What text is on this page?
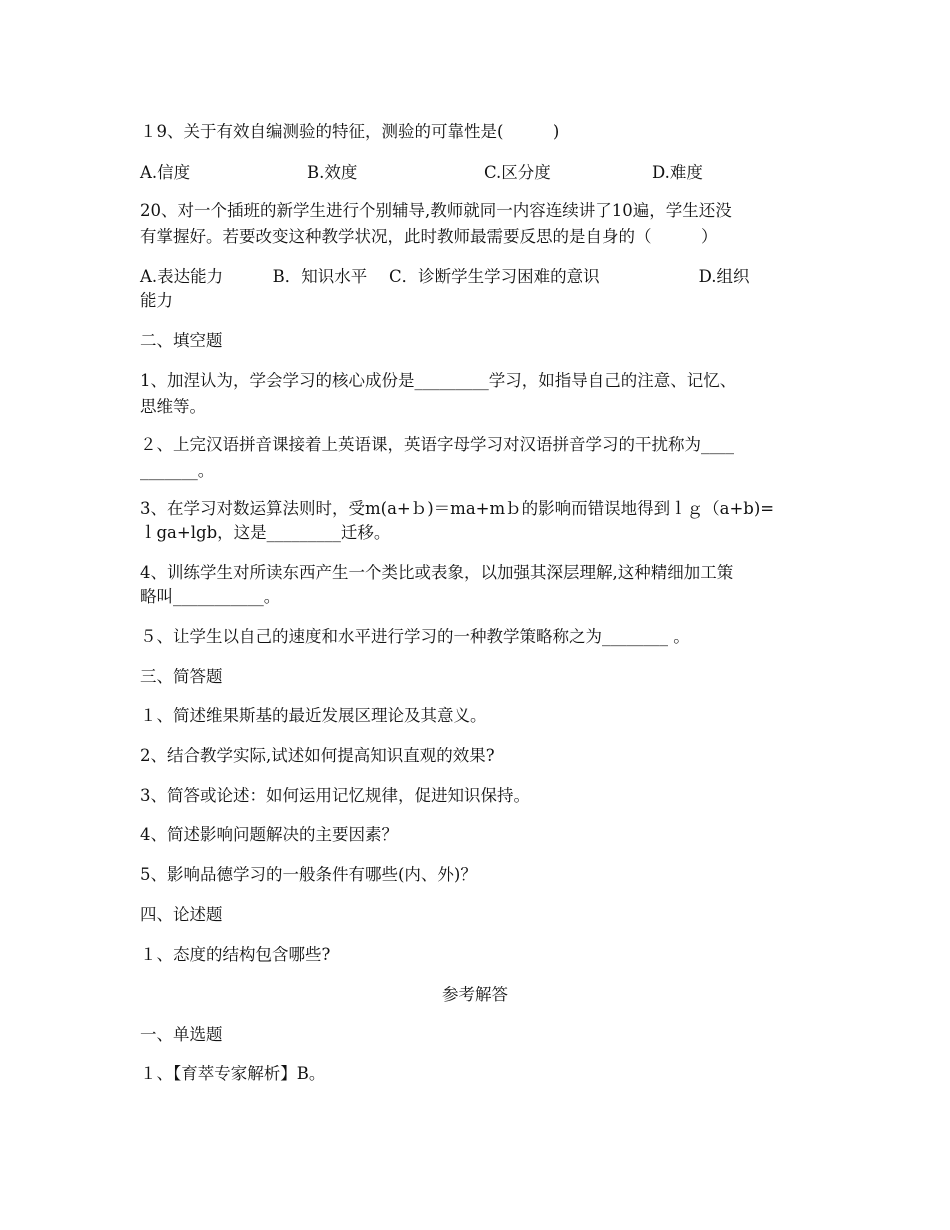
１9、关于有效自编测验的特征，测验的可靠性是(　　　)
A.信度	B.效度	C.区分度	D.难度
20、对一个插班的新学生进行个别辅导,教师就同一内容连续讲了10遍，学生还没
有掌握好。若要改变这种教学状况，此时教师最需要反思的是自身的（　　　）
A.表达能力　　　B．知识水平　 C．诊断学生学习困难的意识　　　　　　D.组织
能力
二、填空题
1、加涅认为，学会学习的核心成份是_________学习，如指导自己的注意、记忆、
思维等。
２、上完汉语拼音课接着上英语课，英语字母学习对汉语拼音学习的干扰称为____
_______。
3、在学习对数运算法则时，受m(a+ｂ)＝ma+mｂ的影响而错误地得到ｌｇ（a+b)=
ｌga+lgb，这是_________迁移。
4、训练学生对所读东西产生一个类比或表象，以加强其深层理解,这种精细加工策
略叫___________。
５、让学生以自己的速度和水平进行学习的一种教学策略称之为________ 。
三、简答题
１、简述维果斯基的最近发展区理论及其意义。
2、结合教学实际,试述如何提高知识直观的效果?
3、简答或论述：如何运用记忆规律，促进知识保持。
4、简述影响问题解决的主要因素？
5、影响品德学习的一般条件有哪些(内、外)？
四、论述题
１、态度的结构包含哪些?
参考解答
一、单选题
１、【育萃专家解析】B。
